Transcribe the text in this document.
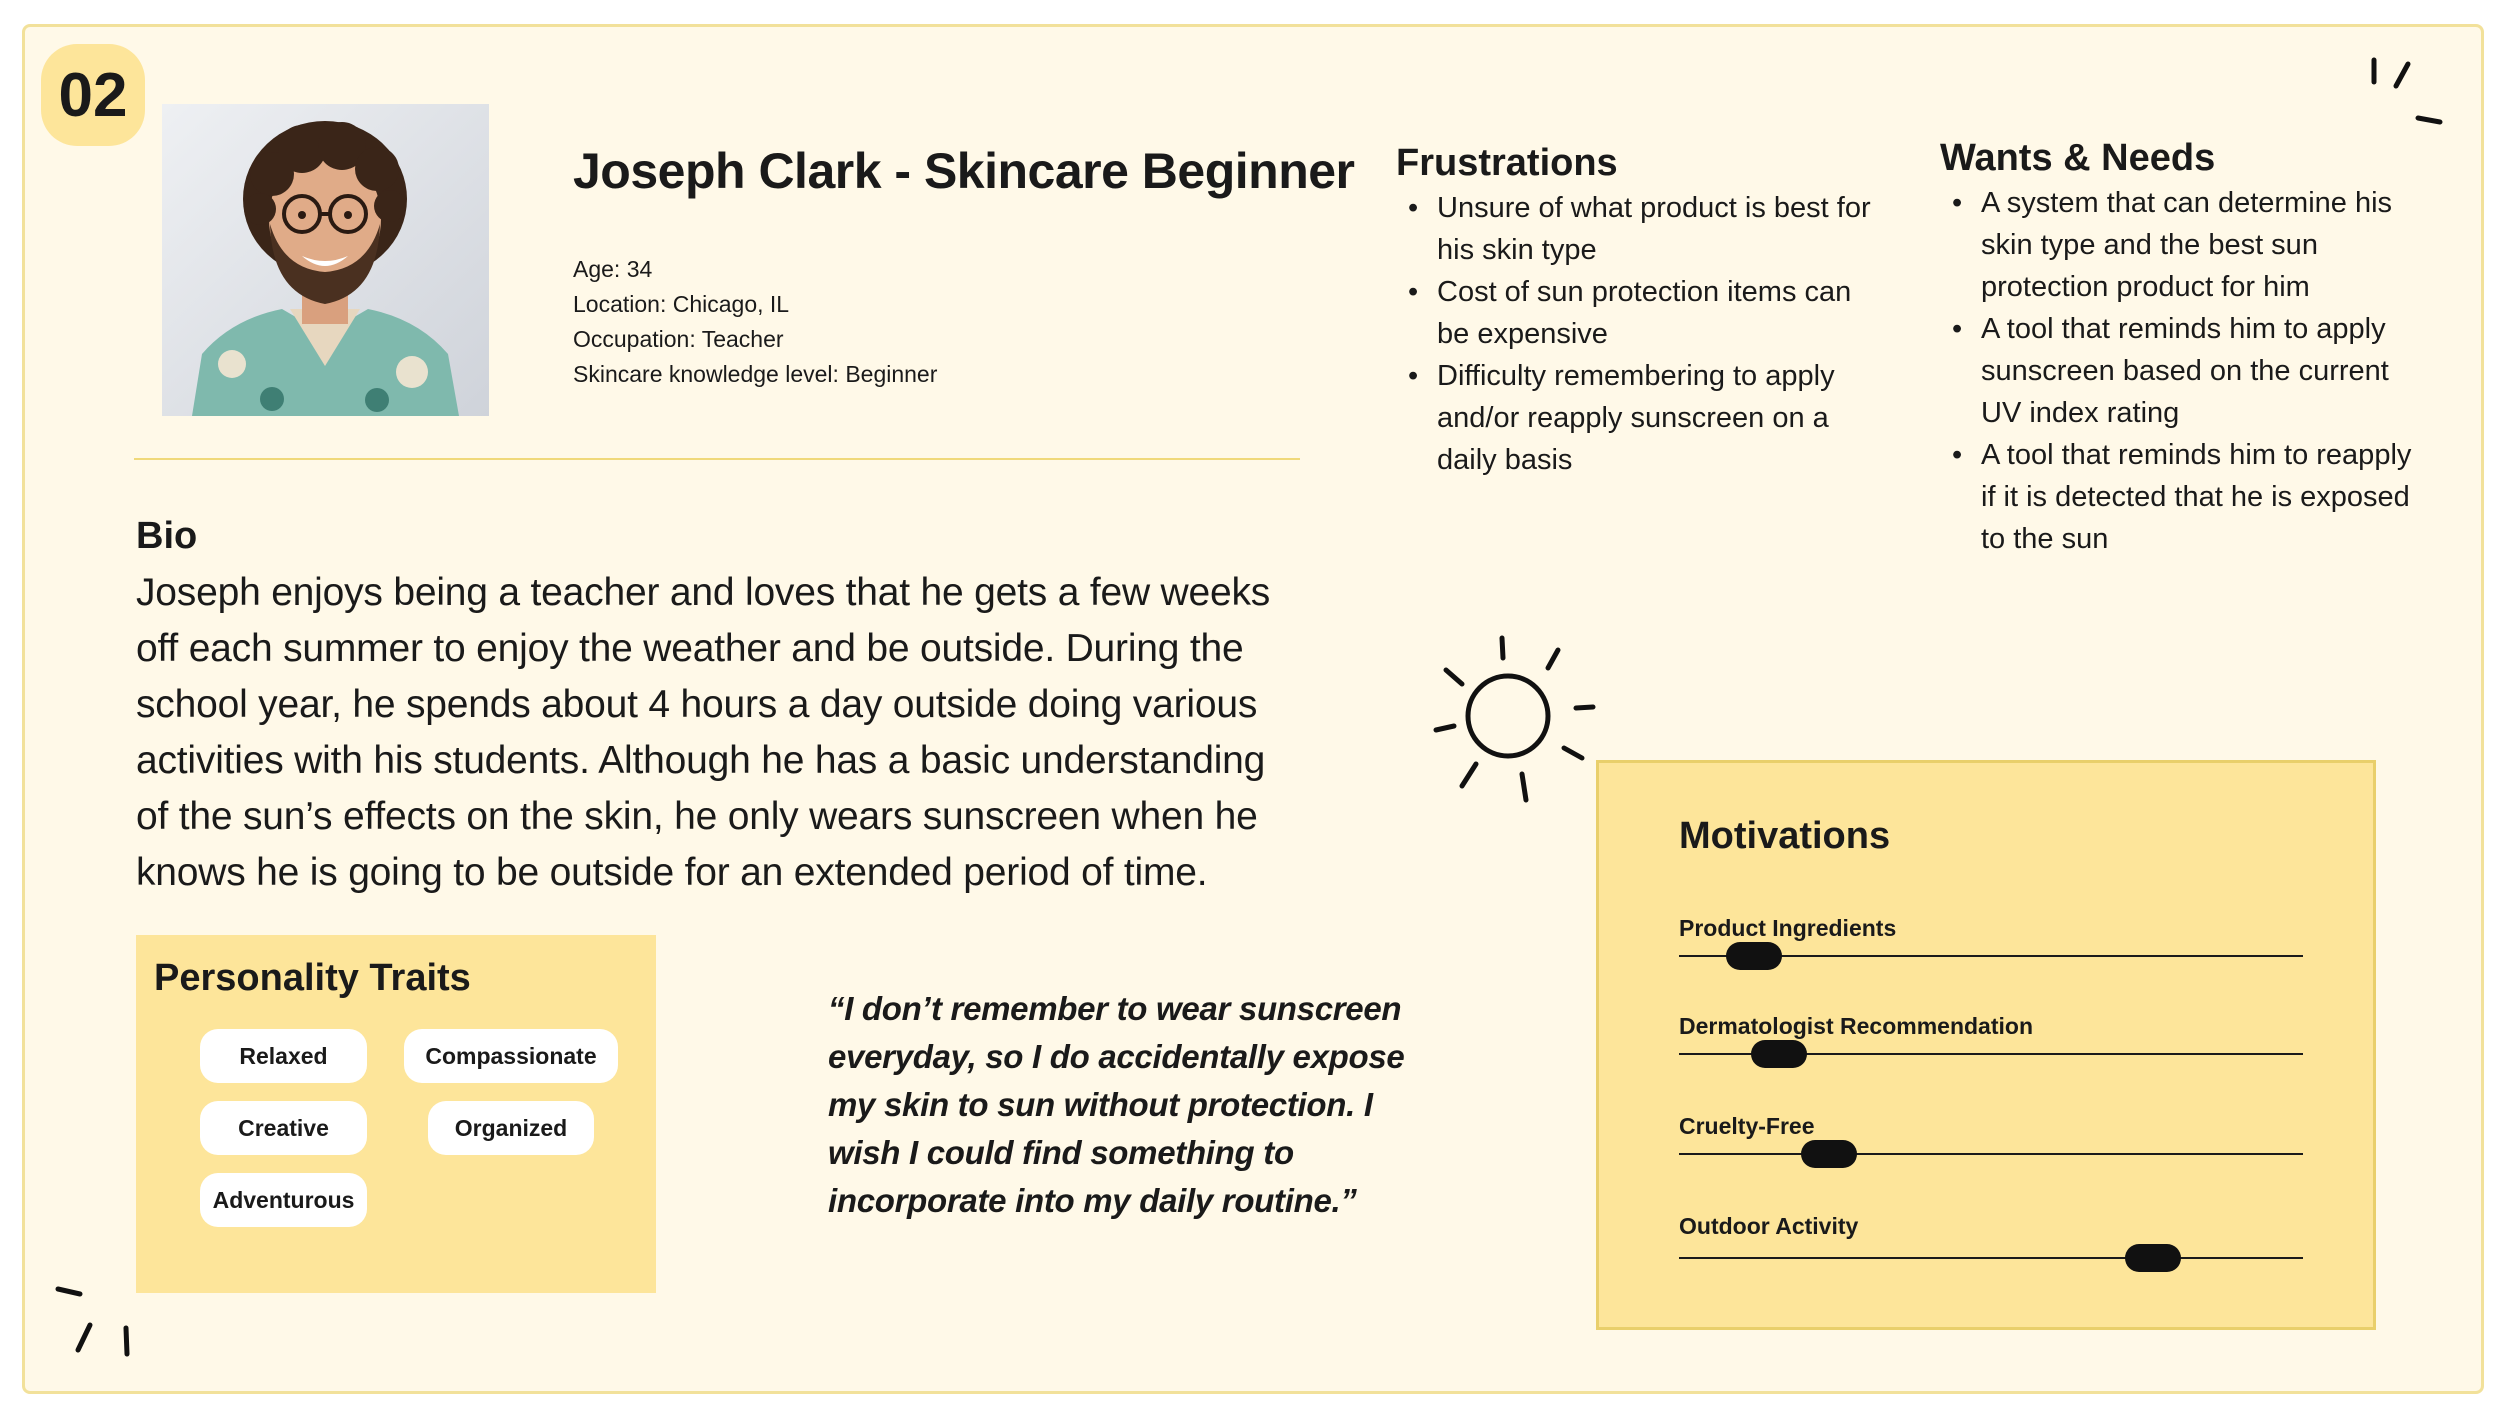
02
Joseph Clark - Skincare Beginner
Age: 34
Location: Chicago, IL
Occupation: Teacher
Skincare knowledge level: Beginner
Frustrations
• Unsure of what product is best for his skin type
• Cost of sun protection items can be expensive
• Difficulty remembering to apply and/or reapply sunscreen on a daily basis
Wants & Needs
• A system that can determine his skin type and the best sun protection product for him
• A tool that reminds him to apply sunscreen based on the current UV index rating
• A tool that reminds him to reapply if it is detected that he is exposed to the sun
Bio
Joseph enjoys being a teacher and loves that he gets a few weeks off each summer to enjoy the weather and be outside. During the school year, he spends about 4 hours a day outside doing various activities with his students. Although he has a basic understanding of the sun’s effects on the skin, he only wears sunscreen when he knows he is going to be outside for an extended period of time.
Personality Traits
Relaxed	Compassionate
Creative	Organized
Adventurous
“I don’t remember to wear sunscreen everyday, so I do accidentally expose my skin to sun without protection. I wish I could find something to incorporate into my daily routine.”
Motivations
Product Ingredients
Dermatologist Recommendation
Cruelty-Free
Outdoor Activity
